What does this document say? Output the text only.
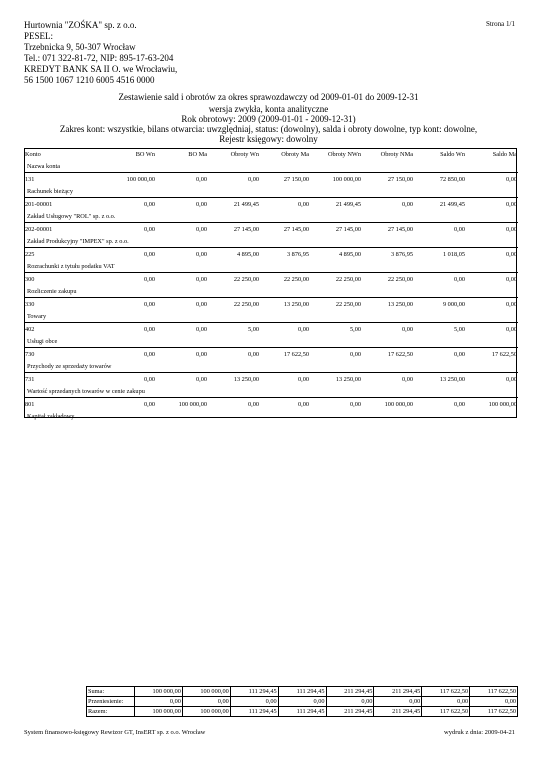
Strona 1/1
Hurtownia "ZOŚKA" sp. z o.o.
PESEL:
Trzebnicka 9, 50-307 Wrocław
Tel.: 071 322-81-72, NIP: 895-17-63-204
KREDYT BANK SA II O. we Wrocławiu,
56 1500 1067 1210 6005 4516 0000
Zestawienie sald i obrotów za okres sprawozdawczy od 2009-01-01 do 2009-12-31
wersja zwykła, konta analityczne
Rok obrotowy: 2009 (2009-01-01 - 2009-12-31)
Zakres kont: wszystkie, bilans otwarcia: uwzględniaj, status: (dowolny), salda i obroty dowolne, typ kont: dowolne,
Rejestr księgowy: dowolny
Konto	BO Wn	BO Ma	Obroty Wn	Obroty Ma	Obroty NWn	Obroty NMa	Saldo Wn	Saldo Ma
Nazwa konta								
131	100 000,00	0,00	0,00	27 150,00	100 000,00	27 150,00	72 850,00	0,00
Rachunek bieżący								
201-00001	0,00	0,00	21 499,45	0,00	21 499,45	0,00	21 499,45	0,00
Zakład Usługowy "ROL" sp. z o.o.								
202-00001	0,00	0,00	27 145,00	27 145,00	27 145,00	27 145,00	0,00	0,00
Zakład Produkcyjny "IMPEX" sp. z o.o.								
225	0,00	0,00	4 895,00	3 876,95	4 895,00	3 876,95	1 018,05	0,00
Rozrachunki z tytułu podatku VAT								
300	0,00	0,00	22 250,00	22 250,00	22 250,00	22 250,00	0,00	0,00
Rozliczenie zakupu								
330	0,00	0,00	22 250,00	13 250,00	22 250,00	13 250,00	9 000,00	0,00
Towary								
402	0,00	0,00	5,00	0,00	5,00	0,00	5,00	0,00
Usługi obce								
730	0,00	0,00	0,00	17 622,50	0,00	17 622,50	0,00	17 622,50
Przychody ze sprzedaży towarów								
731	0,00	0,00	13 250,00	0,00	13 250,00	0,00	13 250,00	0,00
Wartość sprzedanych towarów w cenie zakupu								
801	0,00	100 000,00	0,00	0,00	0,00	100 000,00	0,00	100 000,00
Kapitał zakładowy								
Suma:	100 000,00	100 000,00	111 294,45	111 294,45	211 294,45	211 294,45	117 622,50	117 622,50
Przeniesienie:	0,00	0,00	0,00	0,00	0,00	0,00	0,00	0,00
Razem:	100 000,00	100 000,00	111 294,45	111 294,45	211 294,45	211 294,45	117 622,50	117 622,50
System finansowo-księgowy Rewizor GT, InsERT sp. z o.o. Wrocław	wydruk z dnia: 2009-04-21
